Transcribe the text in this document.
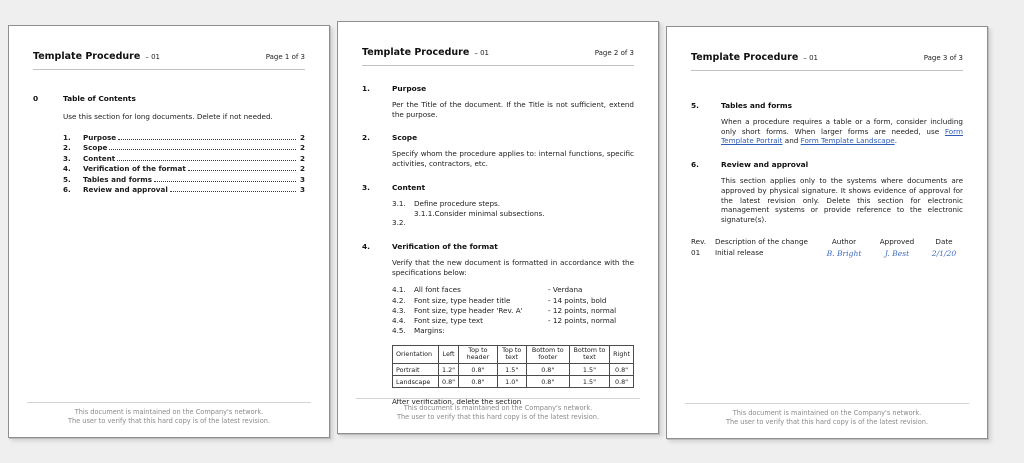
Template Procedure – 01	Page 1 of 3
0	Table of Contents
Use this section for long documents. Delete if not needed.
1.	Purpose	2
2.	Scope	2
3.	Content	2
4.	Verification of the format	2
5.	Tables and forms	3
6.	Review and approval	3
This document is maintained on the Company's network.
The user to verify that this hard copy is of the latest revision.
Template Procedure – 01	Page 2 of 3
1.	Purpose
Per the Title of the document. If the Title is not sufficient, extend the purpose.
2.	Scope
Specify whom the procedure applies to: internal functions, specific activities, contractors, etc.
3.	Content
3.1.	Define procedure steps.
3.1.1.Consider minimal subsections.
3.2.
4.	Verification of the format
Verify that the new document is formatted in accordance with the specifications below:
4.1.	All font faces	- Verdana
4.2.	Font size, type header title	- 14 points, bold
4.3.	Font size, type header 'Rev. A'	- 12 points, normal
4.4.	Font size, type text	- 12 points, normal
4.5.	Margins:
Orientation	Left	Top to header	Top to text	Bottom to footer	Bottom to text	Right
Portrait	1.2"	0.8"	1.5"	0.8"	1.5"	0.8"
Landscape	0.8"	0.8"	1.0"	0.8"	1.5"	0.8"
After verification, delete the section
This document is maintained on the Company's network.
The user to verify that this hard copy is of the latest revision.
Template Procedure – 01	Page 3 of 3
5.	Tables and forms
When a procedure requires a table or a form, consider including only short forms. When larger forms are needed, use Form Template Portrait and Form Template Landscape.
6.	Review and approval
This section applies only to the systems where documents are approved by physical signature. It shows evidence of approval for the latest revision only. Delete this section for electronic management systems or provide reference to the electronic signature(s).
Rev.	Description of the change	Author	Approved	Date
01	Initial release	B. Bright	J. Best	2/1/20
This document is maintained on the Company's network.
The user to verify that this hard copy is of the latest revision.
